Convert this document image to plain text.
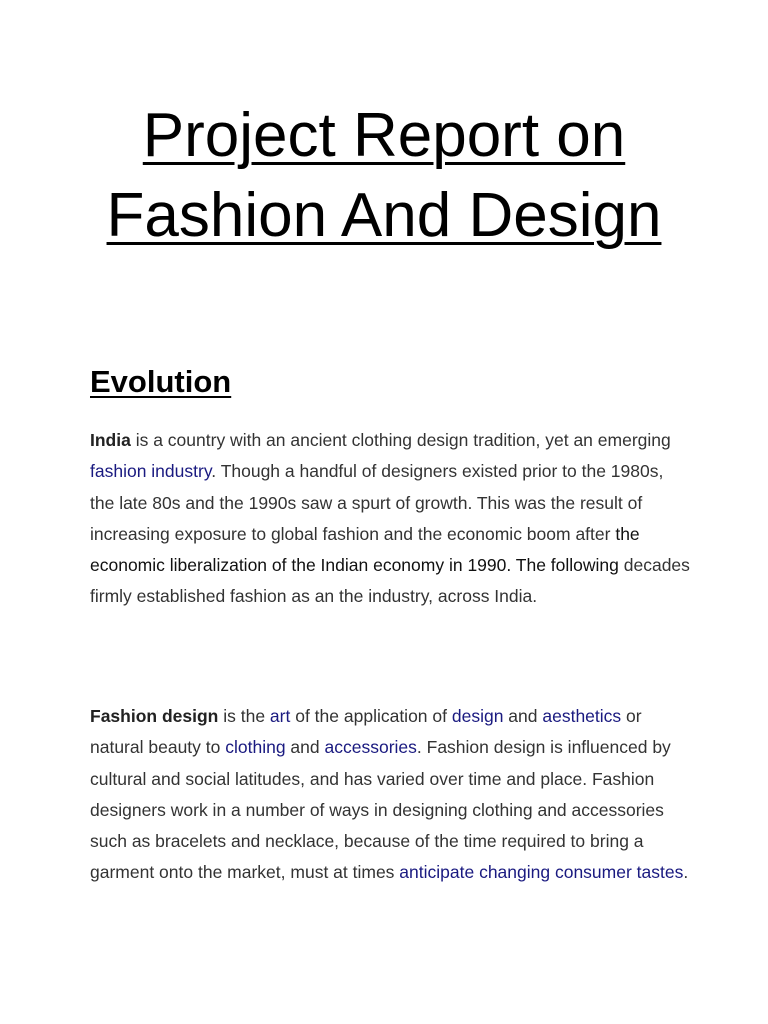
Project Report on
Fashion And Design
Evolution

India is a country with an ancient clothing design tradition, yet an emerging fashion industry. Though a handful of designers existed prior to the 1980s, the late 80s and the 1990s saw a spurt of growth. This was the result of increasing exposure to global fashion and the economic boom after the economic liberalization of the Indian economy in 1990. The following decades firmly established fashion as an the industry, across India.

Fashion design is the art of the application of design and aesthetics or natural beauty to clothing and accessories. Fashion design is influenced by cultural and social latitudes, and has varied over time and place. Fashion designers work in a number of ways in designing clothing and accessories such as bracelets and necklace, because of the time required to bring a garment onto the market, must at times anticipate changing consumer tastes.
